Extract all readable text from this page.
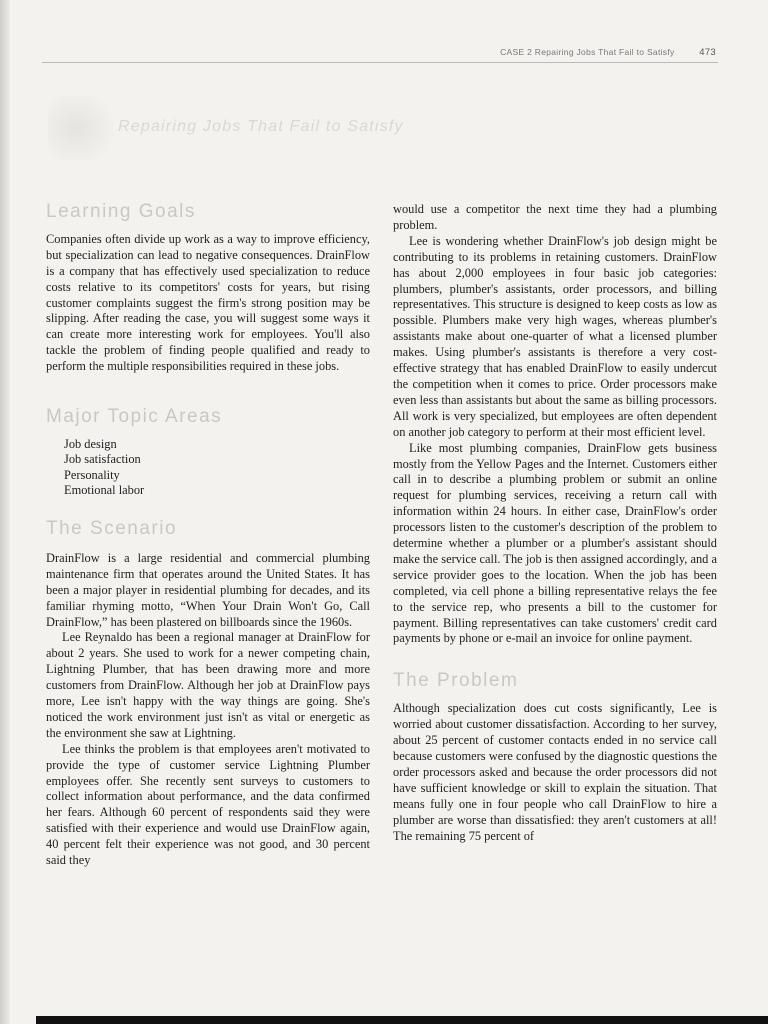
CASE 2 Repairing Jobs That Fail to Satisfy	473
Repairing Jobs That Fail to Satisfy
Learning Goals

Companies often divide up work as a way to improve efficiency, but specialization can lead to negative consequences. DrainFlow is a company that has effectively used specialization to reduce costs relative to its competitors' costs for years, but rising customer complaints suggest the firm's strong position may be slipping. After reading the case, you will suggest some ways it can create more interesting work for employees. You'll also tackle the problem of finding people qualified and ready to perform the multiple responsibilities required in these jobs.

Major Topic Areas
Job design
Job satisfaction
Personality
Emotional labor
The Scenario

DrainFlow is a large residential and commercial plumbing maintenance firm that operates around the United States. It has been a major player in residential plumbing for decades, and its familiar rhyming motto, “When Your Drain Won't Go, Call DrainFlow,” has been plastered on billboards since the 1960s.

Lee Reynaldo has been a regional manager at DrainFlow for about 2 years. She used to work for a newer competing chain, Lightning Plumber, that has been drawing more and more customers from DrainFlow. Although her job at DrainFlow pays more, Lee isn't happy with the way things are going. She's noticed the work environment just isn't as vital or energetic as the environment she saw at Lightning.

Lee thinks the problem is that employees aren't motivated to provide the type of customer service Lightning Plumber employees offer. She recently sent surveys to customers to collect information about performance, and the data confirmed her fears. Although 60 percent of respondents said they were satisfied with their experience and would use DrainFlow again, 40 percent felt their experience was not good, and 30 percent said they

would use a competitor the next time they had a plumbing problem.

Lee is wondering whether DrainFlow's job design might be contributing to its problems in retaining customers. DrainFlow has about 2,000 employees in four basic job categories: plumbers, plumber's assistants, order processors, and billing representatives. This structure is designed to keep costs as low as possible. Plumbers make very high wages, whereas plumber's assistants make about one-quarter of what a licensed plumber makes. Using plumber's assistants is therefore a very cost-effective strategy that has enabled DrainFlow to easily undercut the competition when it comes to price. Order processors make even less than assistants but about the same as billing processors. All work is very specialized, but employees are often dependent on another job category to perform at their most efficient level.

Like most plumbing companies, DrainFlow gets business mostly from the Yellow Pages and the Internet. Customers either call in to describe a plumbing problem or submit an online request for plumbing services, receiving a return call with information within 24 hours. In either case, DrainFlow's order processors listen to the customer's description of the problem to determine whether a plumber or a plumber's assistant should make the service call. The job is then assigned accordingly, and a service provider goes to the location. When the job has been completed, via cell phone a billing representative relays the fee to the service rep, who presents a bill to the customer for payment. Billing representatives can take customers' credit card payments by phone or e-mail an invoice for online payment.

The Problem

Although specialization does cut costs significantly, Lee is worried about customer dissatisfaction. According to her survey, about 25 percent of customer contacts ended in no service call because customers were confused by the diagnostic questions the order processors asked and because the order processors did not have sufficient knowledge or skill to explain the situation. That means fully one in four people who call DrainFlow to hire a plumber are worse than dissatisfied: they aren't customers at all! The remaining 75 percent of
